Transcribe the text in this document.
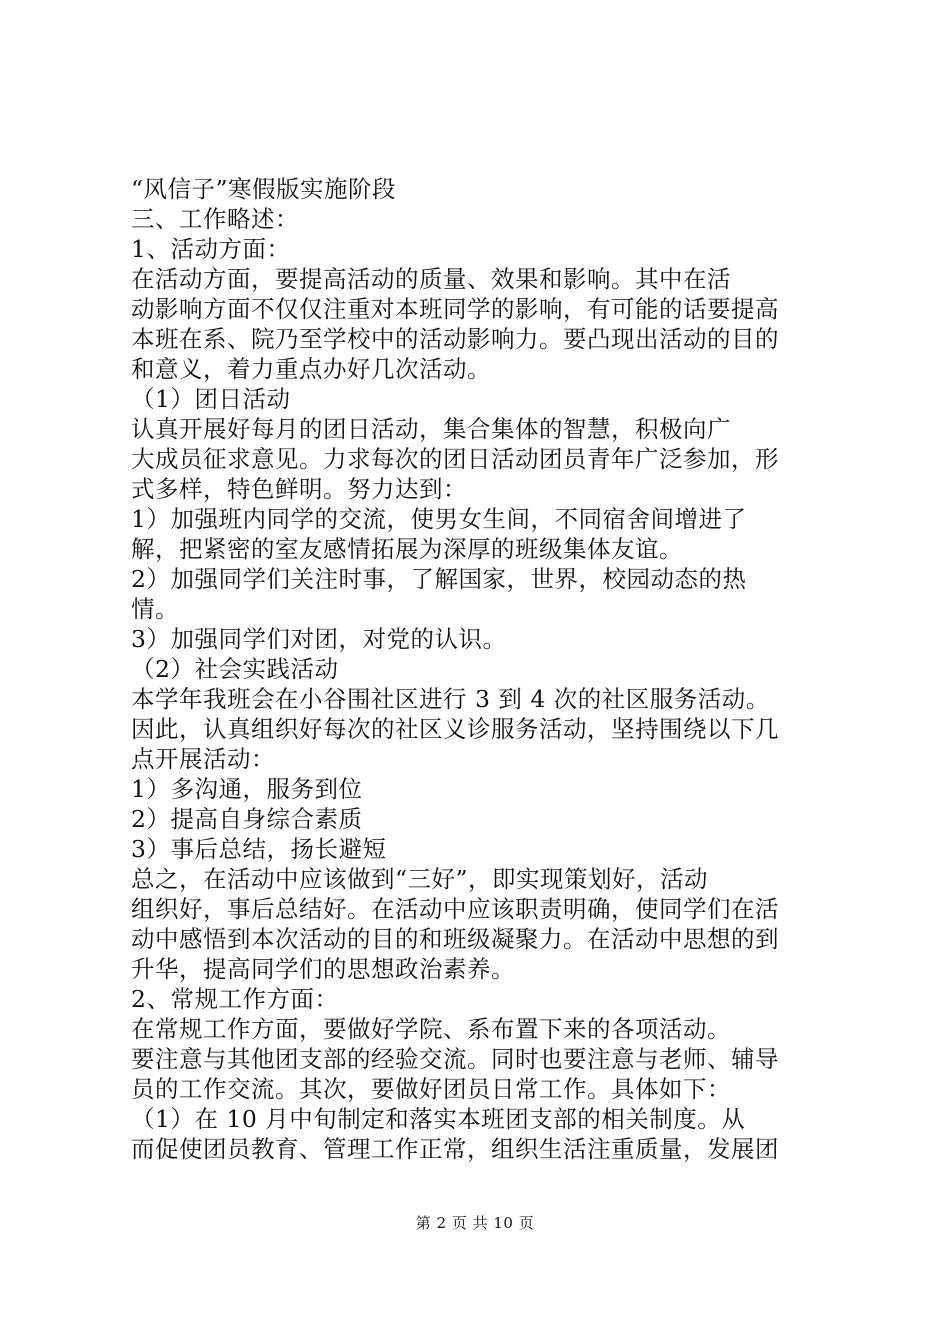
“风信子”寒假版实施阶段

三、工作略述：

1、活动方面：

在活动方面，要提高活动的质量、效果和影响。其中在活

动影响方面不仅仅注重对本班同学的影响，有可能的话要提高

本班在系、院乃至学校中的活动影响力。要凸现出活动的目的

和意义，着力重点办好几次活动。

（1）团日活动

认真开展好每月的团日活动，集合集体的智慧，积极向广

大成员征求意见。力求每次的团日活动团员青年广泛参加，形

式多样，特色鲜明。努力达到：

1）加强班内同学的交流，使男女生间，不同宿舍间增进了

解，把紧密的室友感情拓展为深厚的班级集体友谊。

2）加强同学们关注时事，了解国家，世界，校园动态的热

情。

3）加强同学们对团，对党的认识。

（2）社会实践活动

本学年我班会在小谷围社区进行 3 到 4 次的社区服务活动。

因此，认真组织好每次的社区义诊服务活动，坚持围绕以下几

点开展活动：

1）多沟通，服务到位

2）提高自身综合素质

3）事后总结，扬长避短

总之，在活动中应该做到“三好”，即实现策划好，活动

组织好，事后总结好。在活动中应该职责明确，使同学们在活

动中感悟到本次活动的目的和班级凝聚力。在活动中思想的到

升华，提高同学们的思想政治素养。

2、常规工作方面：

在常规工作方面，要做好学院、系布置下来的各项活动。

要注意与其他团支部的经验交流。同时也要注意与老师、辅导

员的工作交流。其次，要做好团员日常工作。具体如下：

（1）在 10 月中旬制定和落实本班团支部的相关制度。从

而促使团员教育、管理工作正常，组织生活注重质量，发展团

第 2 页 共 10 页
